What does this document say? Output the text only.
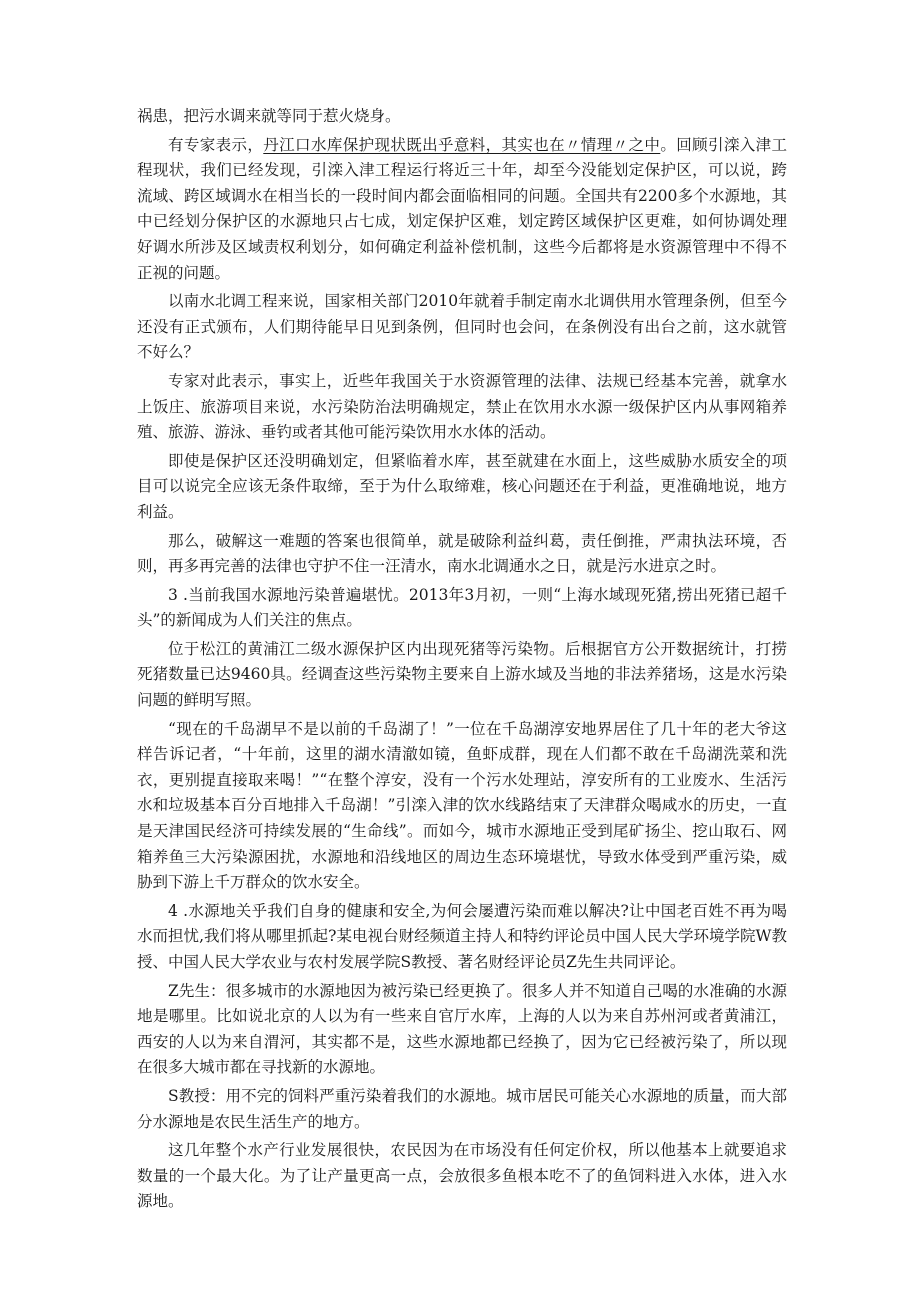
祸患，把污水调来就等同于惹火烧身。

有专家表示，丹江口水库保护现状既出乎意料，其实也在〃情理〃之中。回顾引滦入津工程现状，我们已经发现，引滦入津工程运行将近三十年，却至今没能划定保护区，可以说，跨流域、跨区域调水在相当长的一段时间内都会面临相同的问题。全国共有2200多个水源地，其中已经划分保护区的水源地只占七成，划定保护区难，划定跨区域保护区更难，如何协调处理好调水所涉及区域责权利划分，如何确定利益补偿机制，这些今后都将是水资源管理中不得不正视的问题。

以南水北调工程来说，国家相关部门2010年就着手制定南水北调供用水管理条例，但至今还没有正式颁布，人们期待能早日见到条例，但同时也会问，在条例没有出台之前，这水就管不好么？

专家对此表示，事实上，近些年我国关于水资源管理的法律、法规已经基本完善，就拿水上饭庄、旅游项目来说，水污染防治法明确规定，禁止在饮用水水源一级保护区内从事网箱养殖、旅游、游泳、垂钓或者其他可能污染饮用水水体的活动。

即使是保护区还没明确划定，但紧临着水库，甚至就建在水面上，这些威胁水质安全的项目可以说完全应该无条件取缔，至于为什么取缔难，核心问题还在于利益，更准确地说，地方利益。

那么，破解这一难题的答案也很简单，就是破除利益纠葛，责任倒推，严肃执法环境，否则，再多再完善的法律也守护不住一汪清水，南水北调通水之日，就是污水进京之时。

3 .当前我国水源地污染普遍堪忧。2013年3月初，一则“上海水域现死猪,捞出死猪已超千头”的新闻成为人们关注的焦点。

位于松江的黄浦江二级水源保护区内出现死猪等污染物。后根据官方公开数据统计，打捞死猪数量已达9460具。经调查这些污染物主要来自上游水域及当地的非法养猪场，这是水污染问题的鲜明写照。

“现在的千岛湖早不是以前的千岛湖了！”一位在千岛湖淳安地界居住了几十年的老大爷这样告诉记者，“十年前，这里的湖水清澈如镜，鱼虾成群，现在人们都不敢在千岛湖洗菜和洗衣，更别提直接取来喝！”“在整个淳安，没有一个污水处理站，淳安所有的工业废水、生活污水和垃圾基本百分百地排入千岛湖！”引滦入津的饮水线路结束了天津群众喝咸水的历史，一直是天津国民经济可持续发展的“生命线”。而如今，城市水源地正受到尾矿扬尘、挖山取石、网箱养鱼三大污染源困扰，水源地和沿线地区的周边生态环境堪忧，导致水体受到严重污染，威胁到下游上千万群众的饮水安全。

4 .水源地关乎我们自身的健康和安全,为何会屡遭污染而难以解决?让中国老百姓不再为喝水而担忧,我们将从哪里抓起?某电视台财经频道主持人和特约评论员中国人民大学环境学院W教授、中国人民大学农业与农村发展学院S教授、著名财经评论员Z先生共同评论。

Z先生：很多城市的水源地因为被污染已经更换了。很多人并不知道自己喝的水准确的水源地是哪里。比如说北京的人以为有一些来自官厅水库，上海的人以为来自苏州河或者黄浦江，西安的人以为来自渭河，其实都不是，这些水源地都已经换了，因为它已经被污染了，所以现在很多大城市都在寻找新的水源地。

S教授：用不完的饲料严重污染着我们的水源地。城市居民可能关心水源地的质量，而大部分水源地是农民生活生产的地方。

这几年整个水产行业发展很快，农民因为在市场没有任何定价权，所以他基本上就要追求数量的一个最大化。为了让产量更高一点，会放很多鱼根本吃不了的鱼饲料进入水体，进入水源地。
